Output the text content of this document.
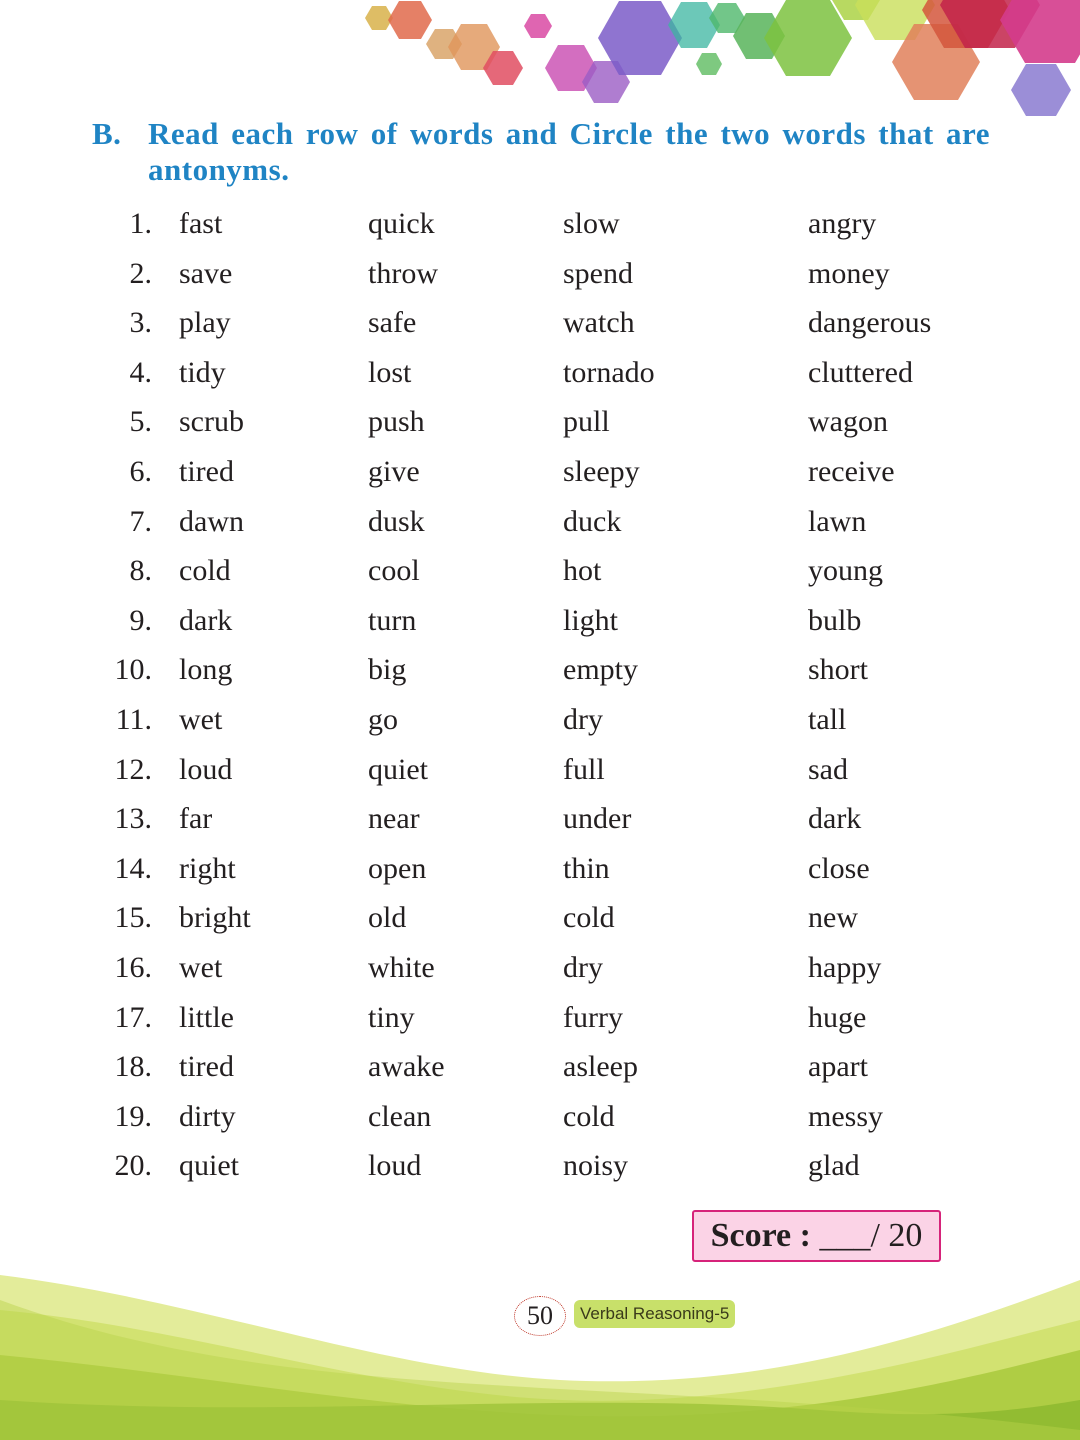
B. Read each row of words and Circle the two words that are antonyms.
1. fast	quick	slow	angry
2. save	throw	spend	money
3. play	safe	watch	dangerous
4. tidy	lost	tornado	cluttered
5. scrub	push	pull	wagon
6. tired	give	sleepy	receive
7. dawn	dusk	duck	lawn
8. cold	cool	hot	young
9. dark	turn	light	bulb
10. long	big	empty	short
11. wet	go	dry	tall
12. loud	quiet	full	sad
13. far	near	under	dark
14. right	open	thin	close
15. bright	old	cold	new
16. wet	white	dry	happy
17. little	tiny	furry	huge
18. tired	awake	asleep	apart
19. dirty	clean	cold	messy
20. quiet	loud	noisy	glad
Score : ___/ 20
50	Verbal Reasoning-5
